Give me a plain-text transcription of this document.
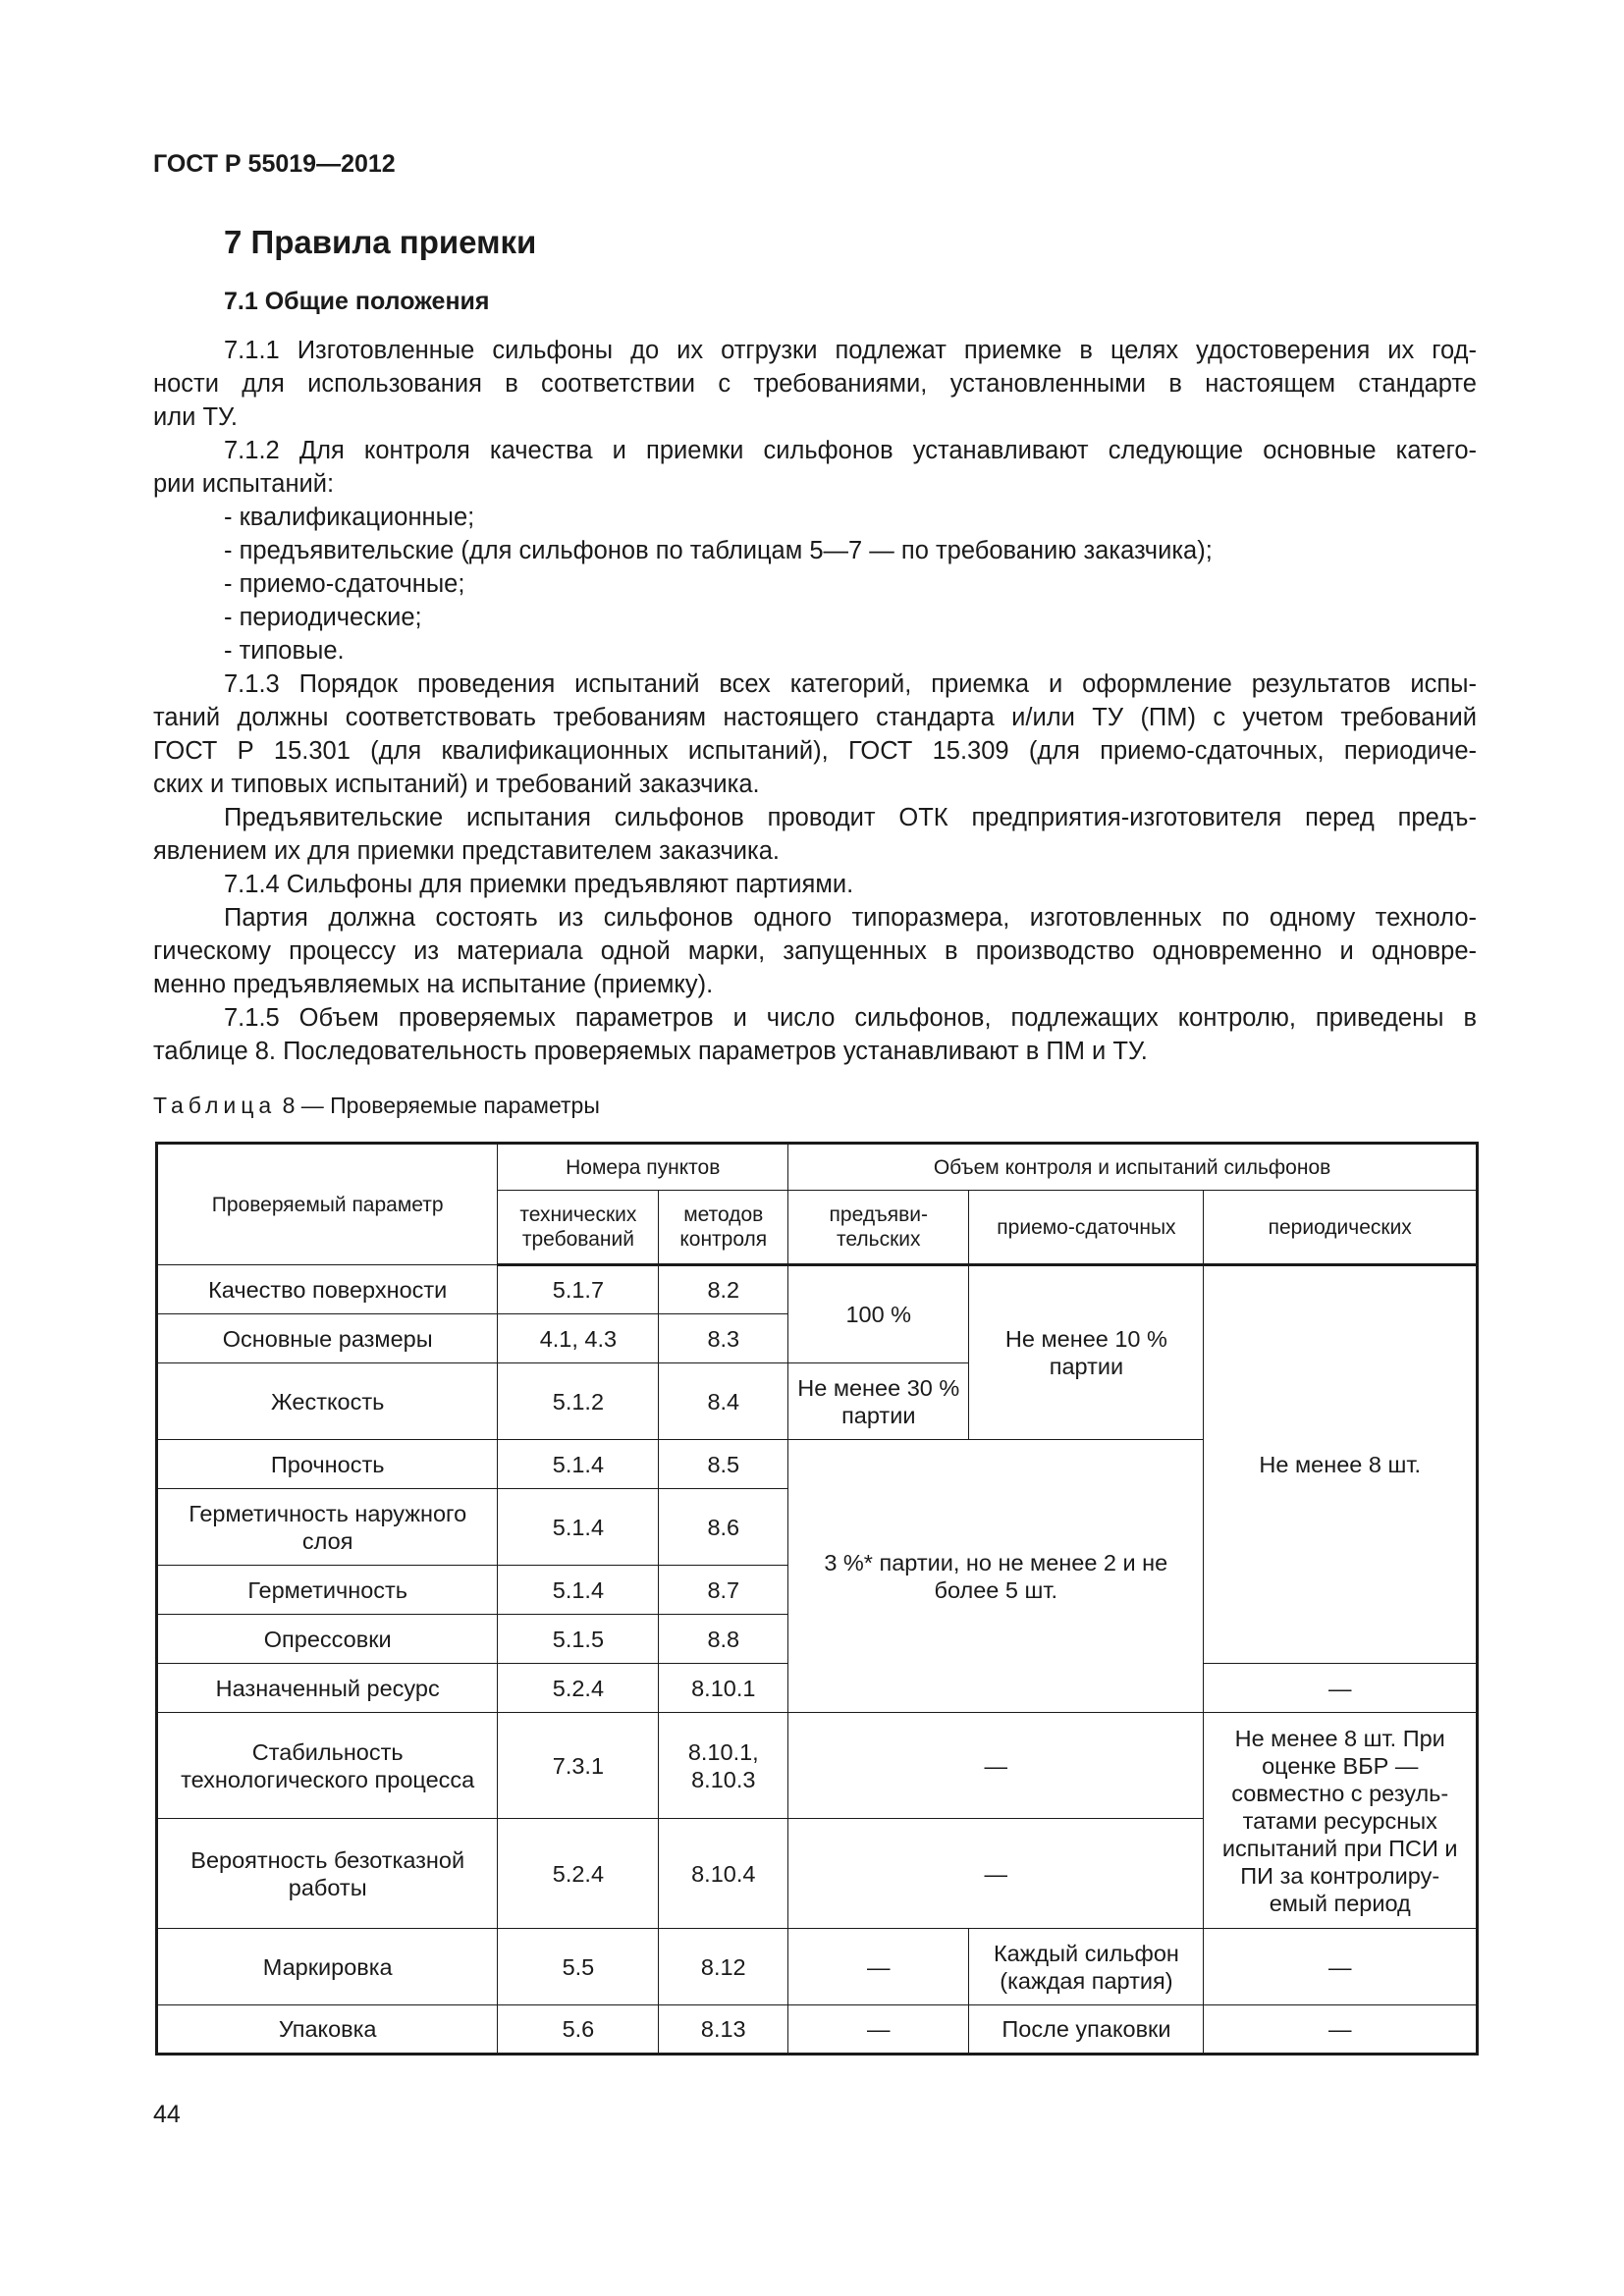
ГОСТ Р 55019—2012
7 Правила приемки
7.1 Общие положения

7.1.1 Изготовленные сильфоны до их отгрузки подлежат приемке в целях удостоверения их год-

ности для использования в соответствии с требованиями, установленными в настоящем стандарте

или ТУ.

7.1.2 Для контроля качества и приемки сильфонов устанавливают следующие основные катего-

рии испытаний:

- квалификационные;

- предъявительские (для сильфонов по таблицам 5—7 — по требованию заказчика);

- приемо-сдаточные;

- периодические;

- типовые.

7.1.3 Порядок проведения испытаний всех категорий, приемка и оформление результатов испы-

таний должны соответствовать требованиям настоящего стандарта и/или ТУ (ПМ) с учетом требований

ГОСТ Р 15.301 (для квалификационных испытаний), ГОСТ 15.309 (для приемо-сдаточных, периодиче-

ских и типовых испытаний) и требований заказчика.

Предъявительские испытания сильфонов проводит ОТК предприятия-изготовителя перед предъ-

явлением их для приемки представителем заказчика.

7.1.4 Сильфоны для приемки предъявляют партиями.

Партия должна состоять из сильфонов одного типоразмера, изготовленных по одному техноло-

гическому процессу из материала одной марки, запущенных в производство одновременно и одновре-

менно предъявляемых на испытание (приемку).

7.1.5 Объем проверяемых параметров и число сильфонов, подлежащих контролю, приведены в

таблице 8. Последовательность проверяемых параметров устанавливают в ПМ и ТУ.

Таблица 8 — Проверяемые параметры
Проверяемый параметр	Номера пунктов		Объем контроля и испытаний сильфонов		
	технических требований	методов контроля	предъяви- тельских	приемо-сдаточных	периодических
Качество поверхности	5.1.7	8.2	100 %	Не менее 10 % партии	Не менее 8 шт.
Основные размеры	4.1, 4.3	8.3			
Жесткость	5.1.2	8.4	Не менее 30 % партии		
Прочность	5.1.4	8.5	3 %* партии, но не менее 2 и не более 5 шт.		
Герметичность наружного слоя	5.1.4	8.6			
Герметичность	5.1.4	8.7			
Опрессовки	5.1.5	8.8			
Назначенный ресурс	5.2.4	8.10.1			—
Стабильность технологического процесса	7.3.1	8.10.1, 8.10.3	—		Не менее 8 шт. При оценке ВБР — совместно с резуль- татами ресурсных испытаний при ПСИ и ПИ за контролиру- емый период
Вероятность безотказной работы	5.2.4	8.10.4	—		
Маркировка	5.5	8.12	—	Каждый сильфон (каждая партия)	—
Упаковка	5.6	8.13	—	После упаковки	—
44
